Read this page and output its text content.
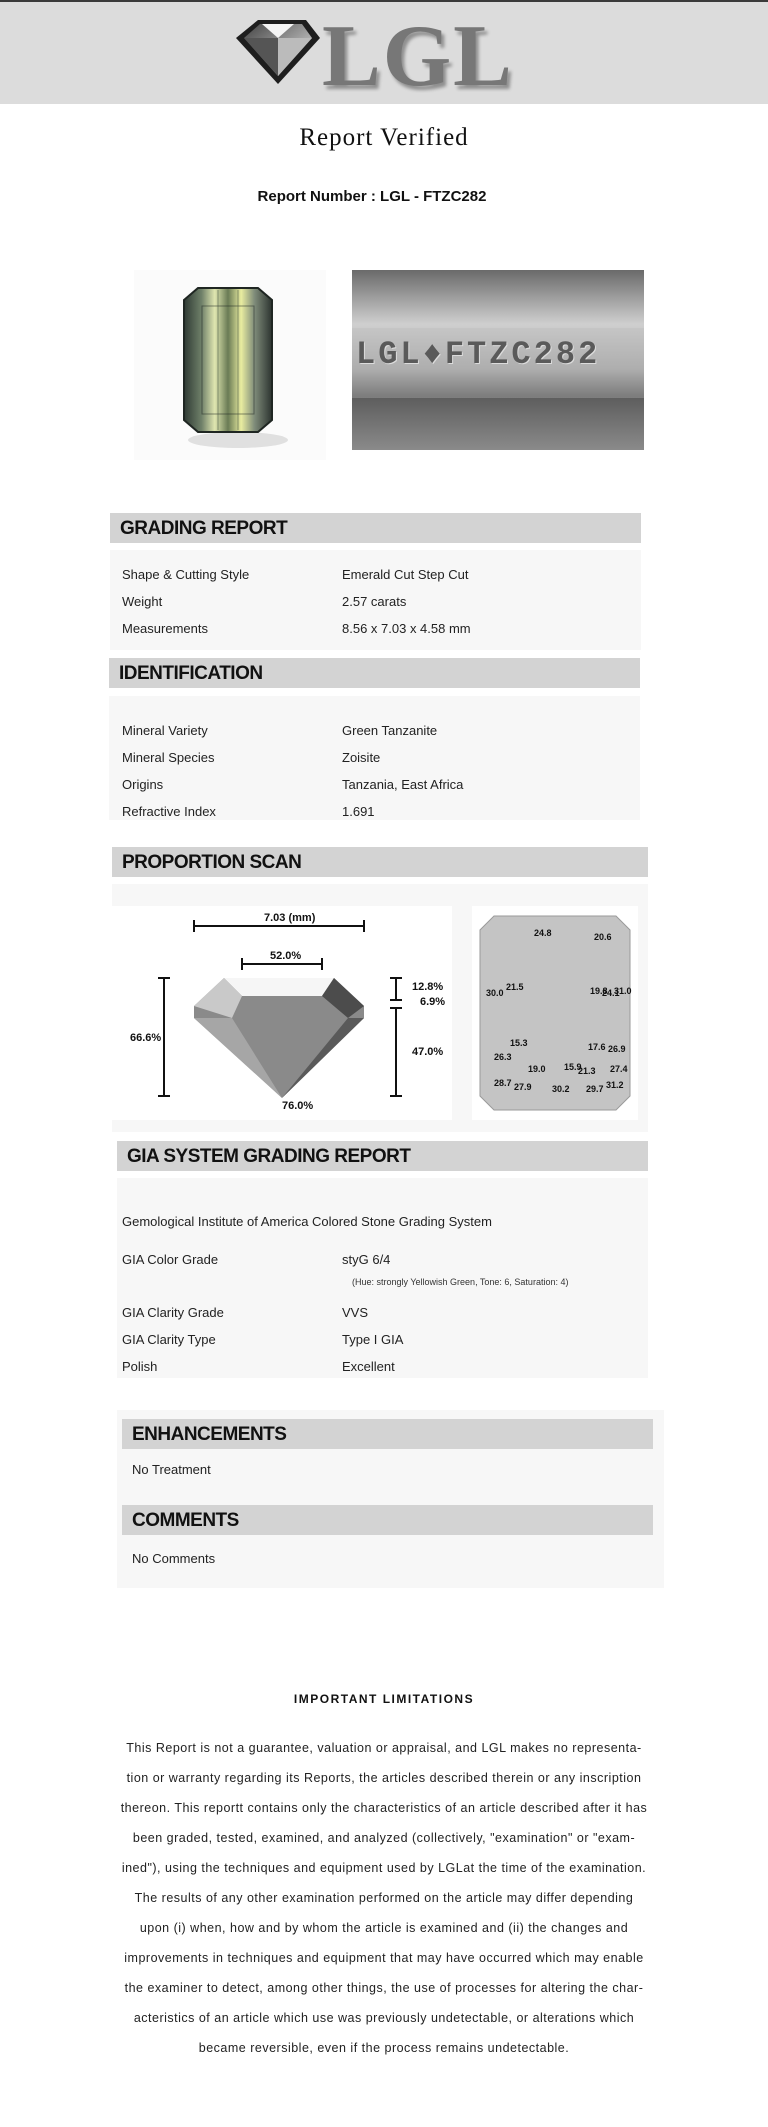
LGL
Report Verified
Report Number : LGL - FTZC282
LGL♦FTZC282
GRADING REPORT
Shape & Cutting Style	Emerald Cut Step Cut
Weight	2.57 carats
Measurements	8.56 x 7.03 x 4.58 mm
IDENTIFICATION
Mineral Variety	Green Tanzanite
Mineral Species	Zoisite
Origins	Tanzania, East Africa
Refractive Index	1.691
PROPORTION SCAN
7.03 (mm)
52.0%
66.6%
12.8%
6.9%
47.0%
76.0%
24.8	20.6
30.0
21.5	19.8
24.1
31.0
15.3
26.3
17.6 26.9
19.0 15.9
21.3 27.4
28.7 27.9 30.2 29.7 31.2
GIA SYSTEM GRADING REPORT
Gemological Institute of America Colored Stone Grading System
GIA Color Grade	styG 6/4
(Hue: strongly Yellowish Green, Tone: 6, Saturation: 4)
GIA Clarity Grade	VVS
GIA Clarity Type	Type I GIA
Polish	Excellent
ENHANCEMENTS
No Treatment
COMMENTS
No Comments
IMPORTANT LIMITATIONS
This Report is not a guarantee, valuation or appraisal, and LGL makes no representa-
tion or warranty regarding its Reports, the articles described therein or any inscription
thereon. This reportt contains only the characteristics of an article described after it has
been graded, tested, examined, and analyzed (collectively, "examination" or "exam-
ined"), using the techniques and equipment used by LGLat the time of the examination.
The results of any other examination performed on the article may differ depending
upon (i) when, how and by whom the article is examined and (ii) the changes and
improvements in techniques and equipment that may have occurred which may enable
the examiner to detect, among other things, the use of processes for altering the char-
acteristics of an article which use was previously undetectable, or alterations which
became reversible, even if the process remains undetectable.
